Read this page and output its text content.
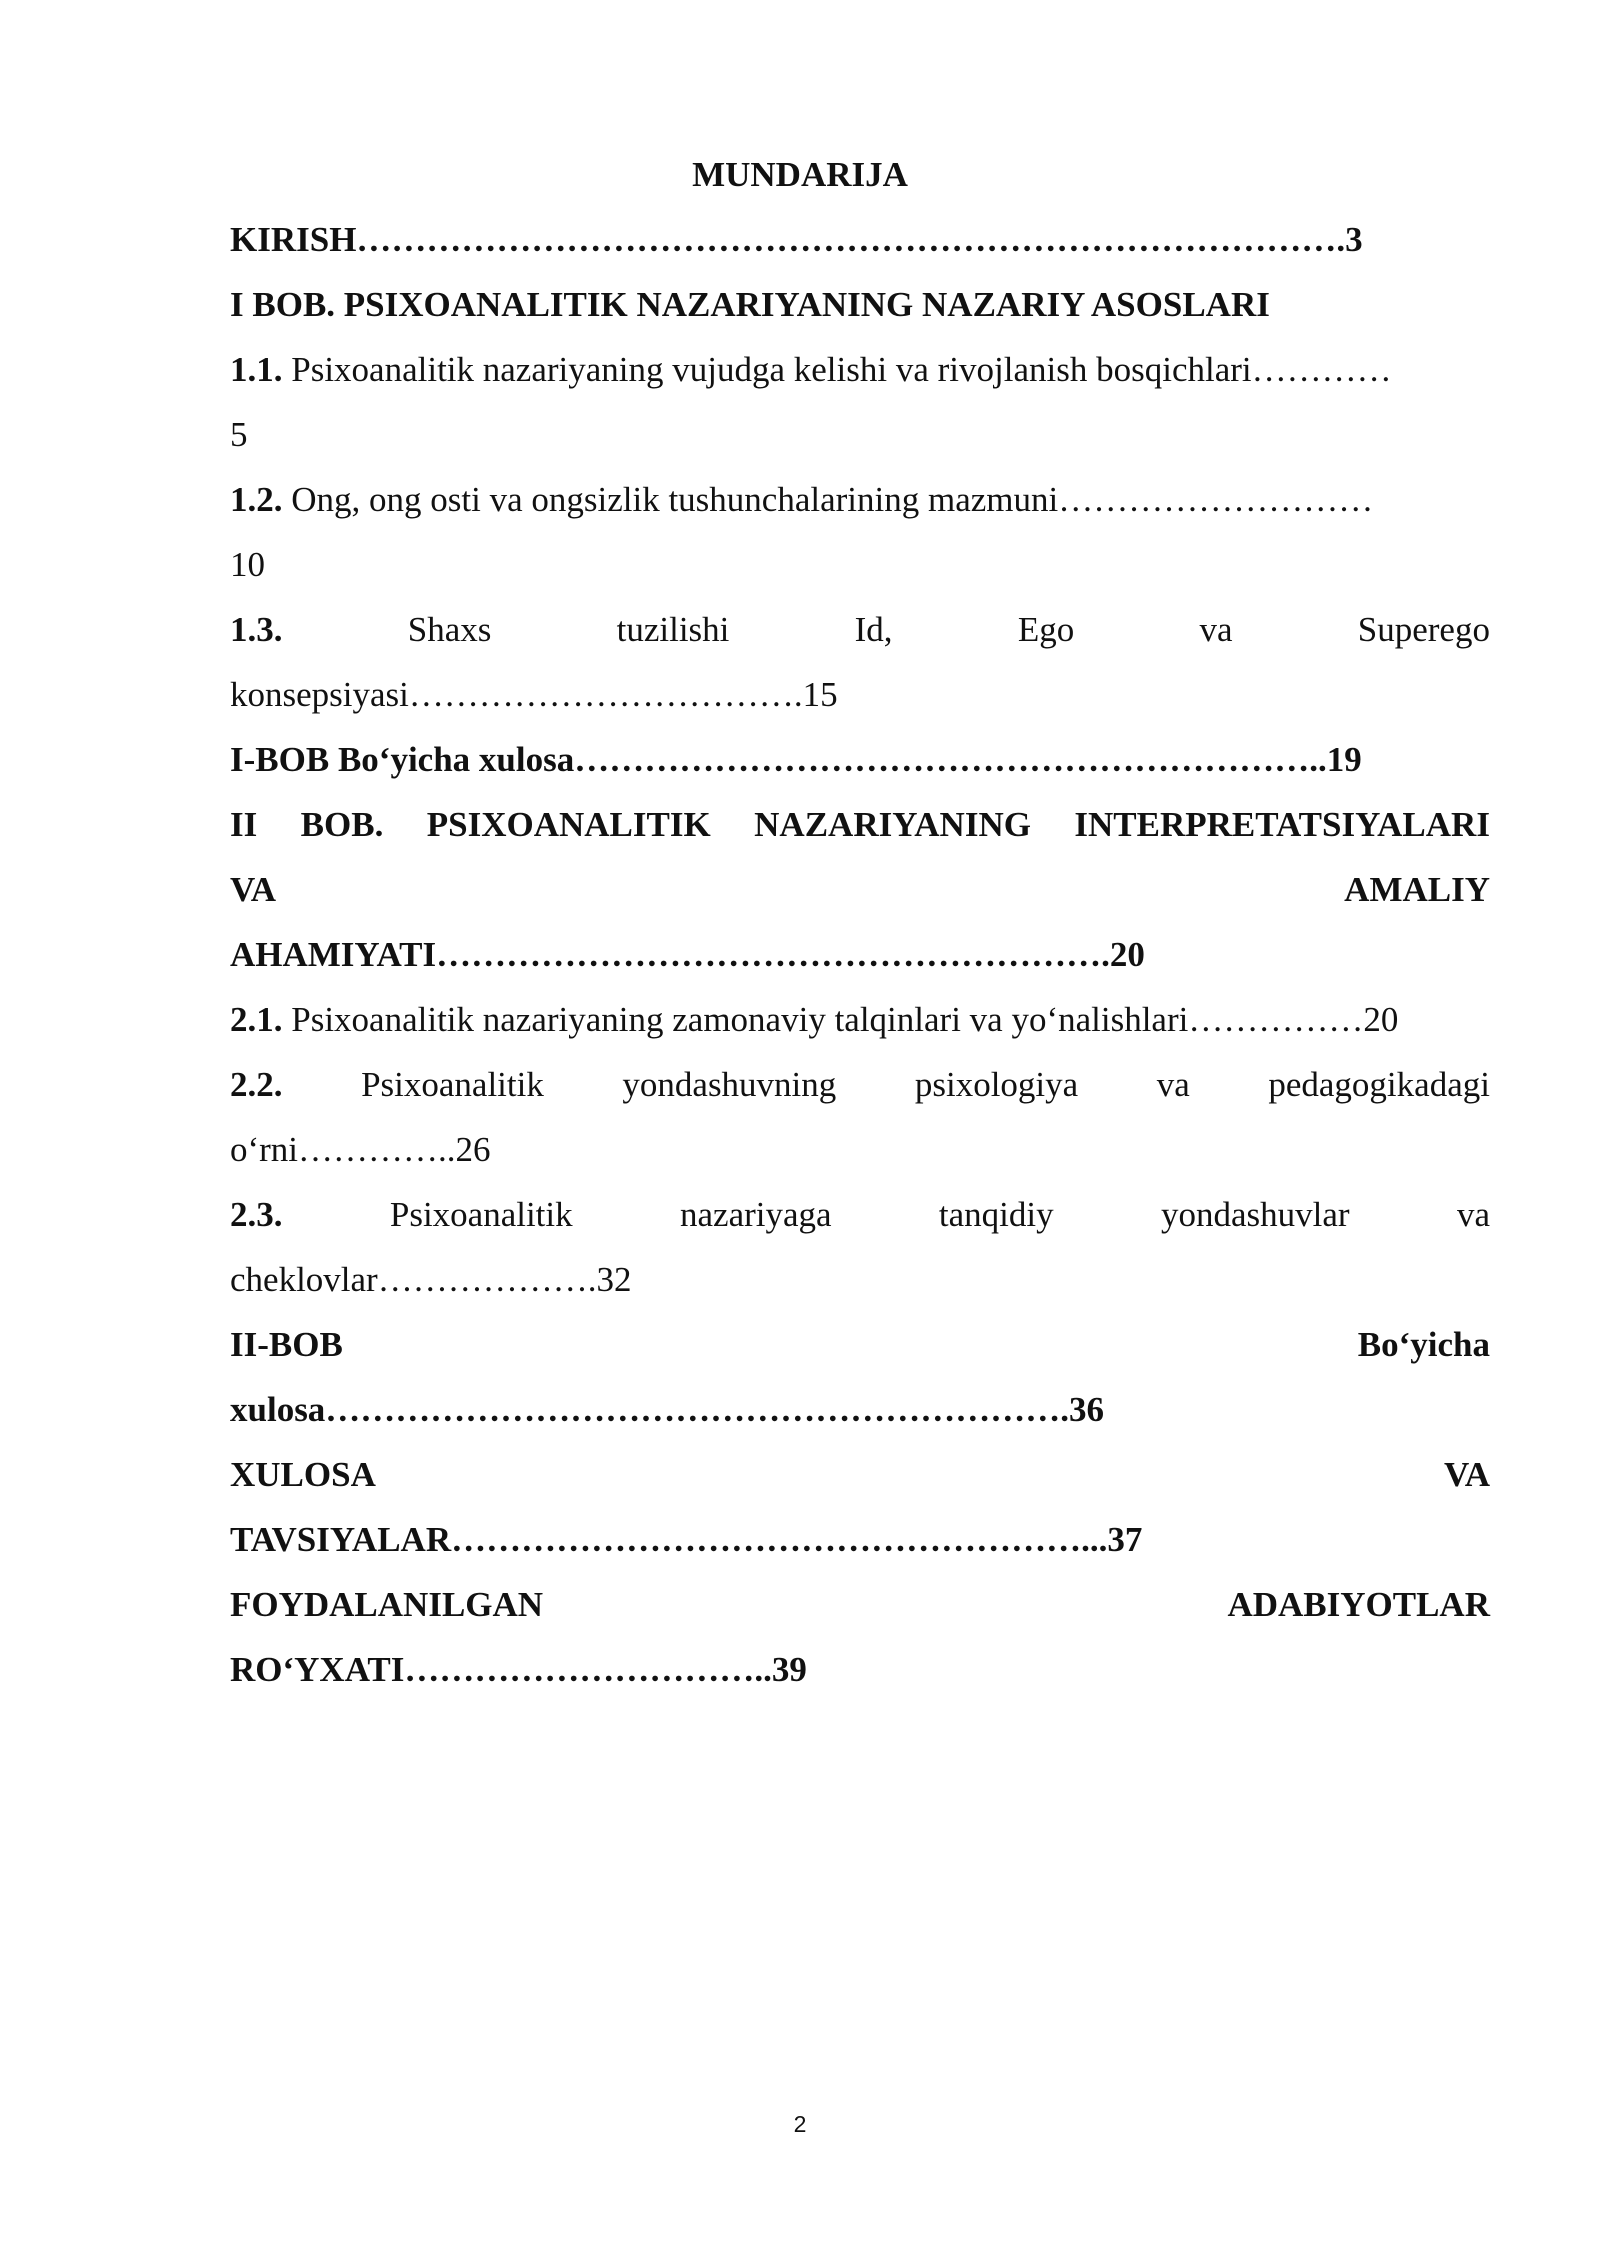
MUNDARIJA
KIRISH………………………………………………………………………….3
I BOB. PSIXOANALITIK NAZARIYANING NAZARIY ASOSLARI
1.1. Psixoanalitik nazariyaning vujudga kelishi va rivojlanish bosqichlari…………
5
1.2. Ong, ong osti va ongsizlik tushunchalarining mazmuni………………………
10
1.3.	Shaxs	tuzilishi	Id,	Ego	va	Superego
konsepsiyasi…………………………….15
I-BOB Bo‘yicha xulosa………………………………………………………..19
II BOB. PSIXOANALITIK NAZARIYANING INTERPRETATSIYALARI
VA	AMALIY
AHAMIYATI………………………………………………….20
2.1. Psixoanalitik nazariyaning zamonaviy talqinlari va yo‘nalishlari……………20
2.2. Psixoanalitik yondashuvning psixologiya va pedagogikadagi
o‘rni…………..26
2.3.	Psixoanalitik	nazariyaga	tanqidiy	yondashuvlar	va
cheklovlar……………….32
II-BOB	Bo‘yicha
xulosa……………………………………………………….36
XULOSA	VA
TAVSIYALAR………………………………………………...37
FOYDALANILGAN	ADABIYOTLAR
RO‘YXATI…………………………..39
2
